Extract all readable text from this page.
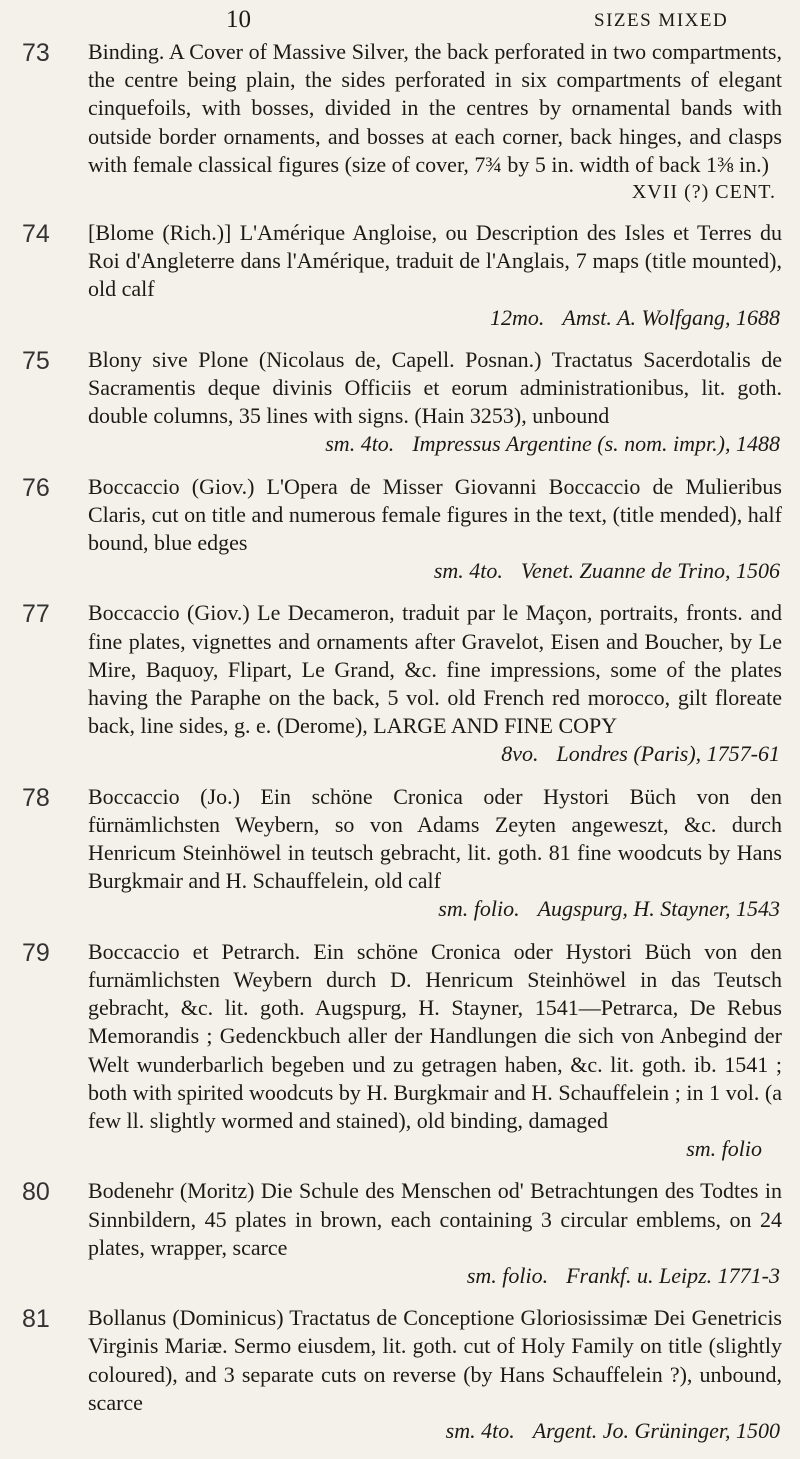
10	SIZES MIXED
73 Binding. A Cover of Massive Silver, the back perforated in two compartments, the centre being plain, the sides perforated in six compartments of elegant cinquefoils, with bosses, divided in the centres by ornamental bands with outside border ornaments, and bosses at each corner, back hinges, and clasps with female classical figures (size of cover, 7¾ by 5 in. width of back 1⅜ in.)
XVII (?) CENT.
74 [Blome (Rich.)] L'Amérique Angloise, ou Description des Isles et Terres du Roi d'Angleterre dans l'Amérique, traduit de l'Anglais, 7 maps (title mounted), old calf
12mo. Amst. A. Wolfgang, 1688
75 Blony sive Plone (Nicolaus de, Capell. Posnan.) Tractatus Sacerdotalis de Sacramentis deque divinis Officiis et eorum administrationibus, lit. goth. double columns, 35 lines with signs. (Hain 3253), unbound
sm. 4to. Impressus Argentine (s. nom. impr.), 1488
76 Boccaccio (Giov.) L'Opera de Misser Giovanni Boccaccio de Mulieribus Claris, cut on title and numerous female figures in the text, (title mended), half bound, blue edges
sm. 4to. Venet. Zuanne de Trino, 1506
77 Boccaccio (Giov.) Le Decameron, traduit par le Maçon, portraits, fronts. and fine plates, vignettes and ornaments after Gravelot, Eisen and Boucher, by Le Mire, Baquoy, Flipart, Le Grand, &c. fine impressions, some of the plates having the Paraphe on the back, 5 vol. old French red morocco, gilt floreate back, line sides, g. e. (Derome), LARGE AND FINE COPY
8vo. Londres (Paris), 1757-61
78 Boccaccio (Jo.) Ein schöne Cronica oder Hystori Büch von den fürnämlichsten Weybern, so von Adams Zeyten angeweszt, &c. durch Henricum Steinhöwel in teutsch gebracht, lit. goth. 81 fine woodcuts by Hans Burgkmair and H. Schauffelein, old calf
sm. folio. Augspurg, H. Stayner, 1543
79 Boccaccio et Petrarch. Ein schöne Cronica oder Hystori Büch von den furnämlichsten Weybern durch D. Henricum Steinhöwel in das Teutsch gebracht, &c. lit. goth. Augspurg, H. Stayner, 1541—Petrarca, De Rebus Memorandis ; Gedenckbuch aller der Handlungen die sich von Anbegind der Welt wunderbarlich begeben und zu getragen haben, &c. lit. goth. ib. 1541 ; both with spirited woodcuts by H. Burgkmair and H. Schauffelein ; in 1 vol. (a few ll. slightly wormed and stained), old binding, damaged
sm. folio
80 Bodenehr (Moritz) Die Schule des Menschen od' Betrachtungen des Todtes in Sinnbildern, 45 plates in brown, each containing 3 circular emblems, on 24 plates, wrapper, scarce
sm. folio. Frankf. u. Leipz. 1771-3
81 Bollanus (Dominicus) Tractatus de Conceptione Gloriosissimæ Dei Genetricis Virginis Mariæ. Sermo eiusdem, lit. goth. cut of Holy Family on title (slightly coloured), and 3 separate cuts on reverse (by Hans Schauffelein ?), unbound, scarce
sm. 4to. Argent. Jo. Grüninger, 1500
